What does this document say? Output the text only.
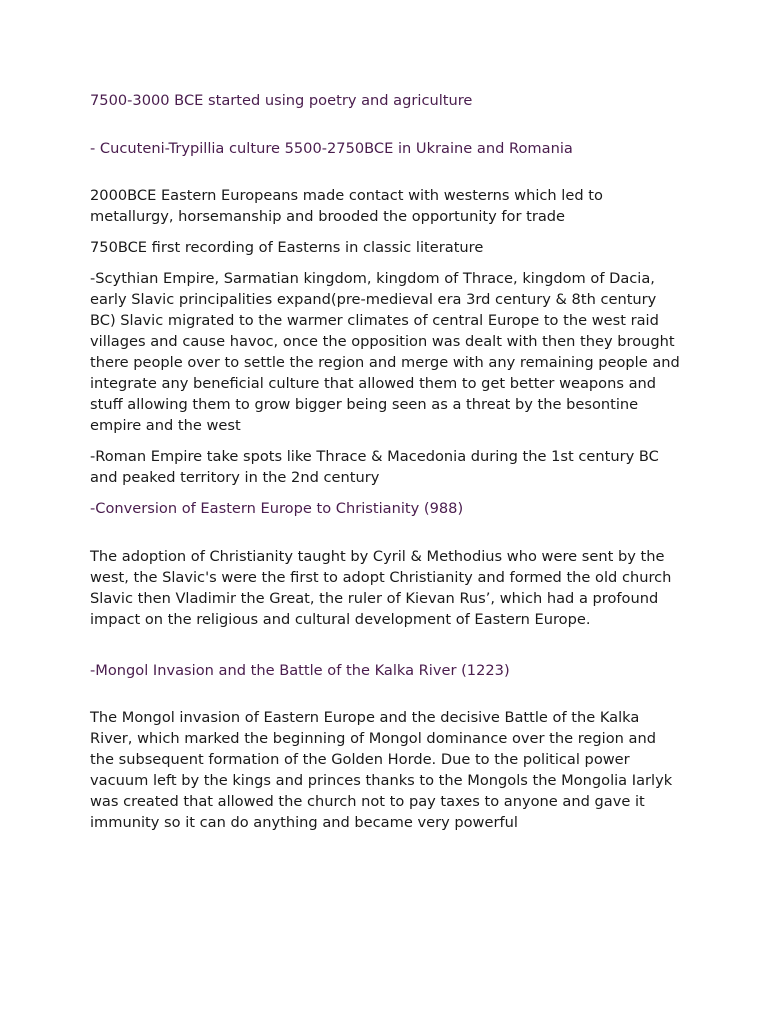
7500-3000 BCE started using poetry and agriculture

- Cucuteni-Trypillia culture 5500-2750BCE in Ukraine and Romania

2000BCE Eastern Europeans made contact with westerns which led to metallurgy, horsemanship and brooded the opportunity for trade

750BCE first recording of Easterns in classic literature

-Scythian Empire, Sarmatian kingdom, kingdom of Thrace, kingdom of Dacia, early Slavic principalities expand(pre-medieval era 3rd century & 8th century BC) Slavic migrated to the warmer climates of central Europe to the west raid villages and cause havoc, once the opposition was dealt with then they brought there people over to settle the region and merge with any remaining people and integrate any beneficial culture that allowed them to get better weapons and stuff allowing them to grow bigger being seen as a threat by the besontine empire and the west

-Roman Empire take spots like Thrace & Macedonia during the 1st century BC and peaked territory in the 2nd century

-Conversion of Eastern Europe to Christianity (988)

The adoption of Christianity taught by Cyril & Methodius who were sent by the west, the Slavic's were the first to adopt Christianity and formed the old church Slavic then Vladimir the Great, the ruler of Kievan Rus’, which had a profound impact on the religious and cultural development of Eastern Europe.

-Mongol Invasion and the Battle of the Kalka River (1223)

The Mongol invasion of Eastern Europe and the decisive Battle of the Kalka River, which marked the beginning of Mongol dominance over the region and the subsequent formation of the Golden Horde. Due to the political power vacuum left by the kings and princes thanks to the Mongols the Mongolia Iarlyk was created that allowed the church not to pay taxes to anyone and gave it immunity so it can do anything and became very powerful
